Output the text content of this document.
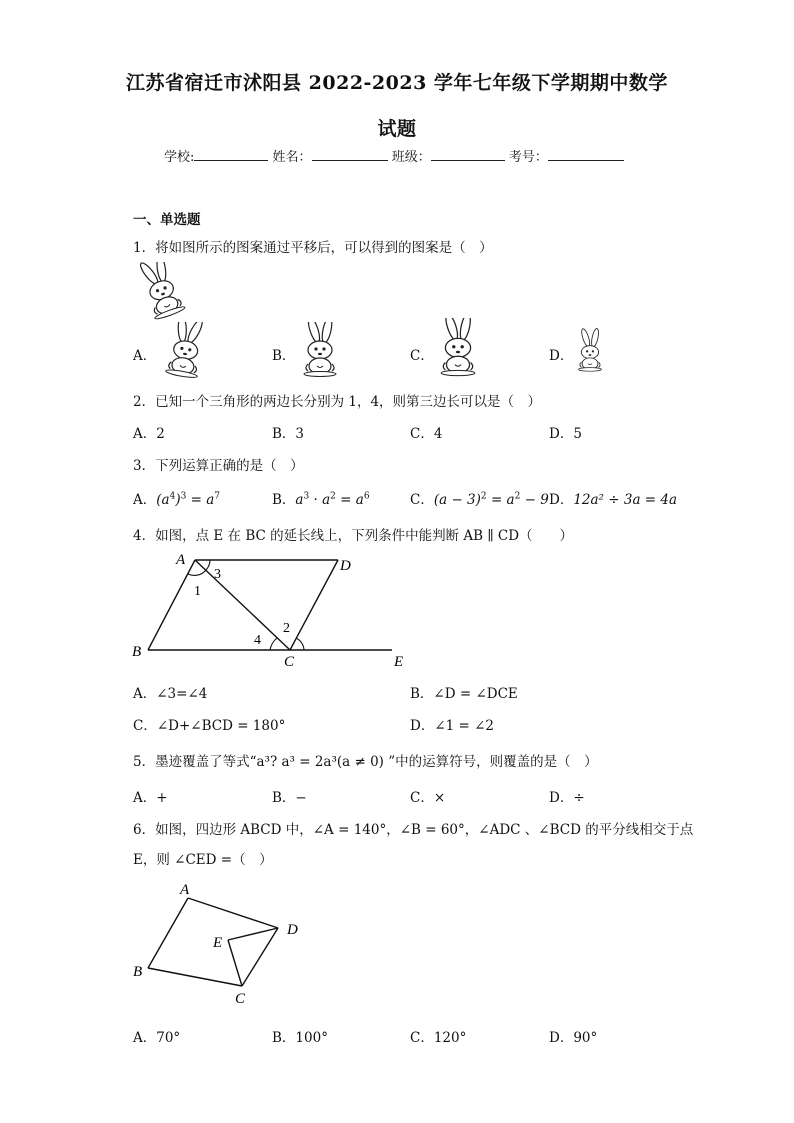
江苏省宿迁市沭阳县 2022-2023 学年七年级下学期期中数学
试题
学校:	姓名：	班级：	考号：
一、单选题
1．将如图所示的图案通过平移后，可以得到的图案是（　）
A．	B．	C．	D．
2．已知一个三角形的两边长分别为 1，4，则第三边长可以是（　）
A．2	B．3	C．4	D．5
3．下列运算正确的是（　）
A．$(a^4)^3 = a^7$	B．$a^3 \cdot a^2 = a^6$	C．$(a - 3)^2 = a^2 - 9$ D．12a² ÷ 3a = 4a
4．如图，点 E 在 BC 的延长线上，下列条件中能判断 AB ∥ CD（　　）
A	D
B
C	E
1
2
3
4
A．∠3=∠4	B．∠D = ∠DCE
C．∠D+∠BCD = 180°	D．∠1 = ∠2
5．墨迹覆盖了等式“a³? a³ = 2a³(a ≠ 0) ”中的运算符号，则覆盖的是（　）
A．+	B．−	C．×	D．÷
6．如图，四边形 ABCD 中，∠A = 140°，∠B = 60°，∠ADC 、∠BCD 的平分线相交于点
E，则 ∠CED =（　）
A
D
E
B
C
A．70°	B．100°	C．120°	D．90°
